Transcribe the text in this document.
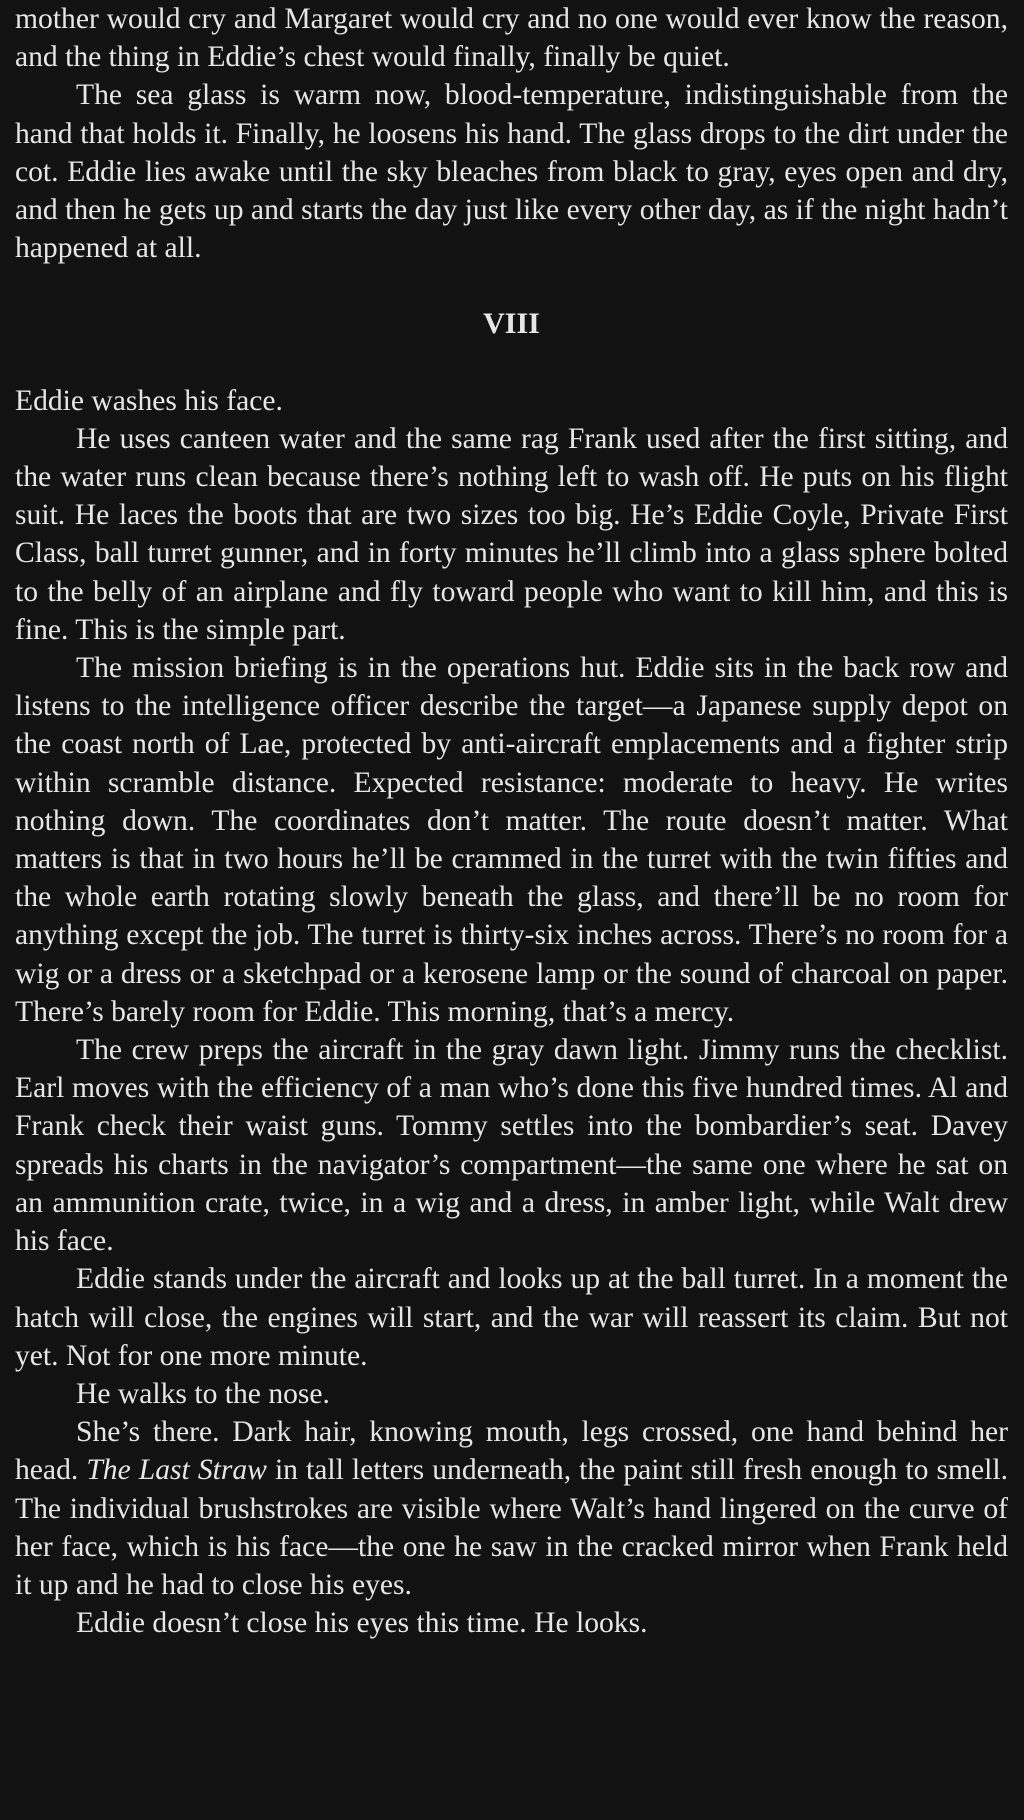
mother would cry and Margaret would cry and no one would ever know the reason, and the thing in Eddie’s chest would finally, finally be quiet.

The sea glass is warm now, blood-temperature, indistinguishable from the hand that holds it. Finally, he loosens his hand. The glass drops to the dirt under the cot. Eddie lies awake until the sky bleaches from black to gray, eyes open and dry, and then he gets up and starts the day just like every other day, as if the night hadn’t happened at all.

VIII

Eddie washes his face.

He uses canteen water and the same rag Frank used after the first sitting, and the water runs clean because there’s nothing left to wash off. He puts on his flight suit. He laces the boots that are two sizes too big. He’s Eddie Coyle, Private First Class, ball turret gunner, and in forty minutes he’ll climb into a glass sphere bolted to the belly of an airplane and fly toward people who want to kill him, and this is fine. This is the simple part.

The mission briefing is in the operations hut. Eddie sits in the back row and listens to the intelligence officer describe the target—a Japanese supply depot on the coast north of Lae, protected by anti-aircraft emplacements and a fighter strip within scramble distance. Expected resistance: moderate to heavy. He writes nothing down. The coordinates don’t matter. The route doesn’t matter. What matters is that in two hours he’ll be crammed in the turret with the twin fifties and the whole earth rotating slowly beneath the glass, and there’ll be no room for anything except the job. The turret is thirty-six inches across. There’s no room for a wig or a dress or a sketchpad or a kerosene lamp or the sound of charcoal on paper. There’s barely room for Eddie. This morning, that’s a mercy.

The crew preps the aircraft in the gray dawn light. Jimmy runs the checklist. Earl moves with the efficiency of a man who’s done this five hundred times. Al and Frank check their waist guns. Tommy settles into the bombardier’s seat. Davey spreads his charts in the navigator’s compartment—the same one where he sat on an ammunition crate, twice, in a wig and a dress, in amber light, while Walt drew his face.

Eddie stands under the aircraft and looks up at the ball turret. In a moment the hatch will close, the engines will start, and the war will reassert its claim. But not yet. Not for one more minute.

He walks to the nose.

She’s there. Dark hair, knowing mouth, legs crossed, one hand behind her head. The Last Straw in tall letters underneath, the paint still fresh enough to smell. The individual brushstrokes are visible where Walt’s hand lingered on the curve of her face, which is his face—the one he saw in the cracked mirror when Frank held it up and he had to close his eyes.

Eddie doesn’t close his eyes this time. He looks.
